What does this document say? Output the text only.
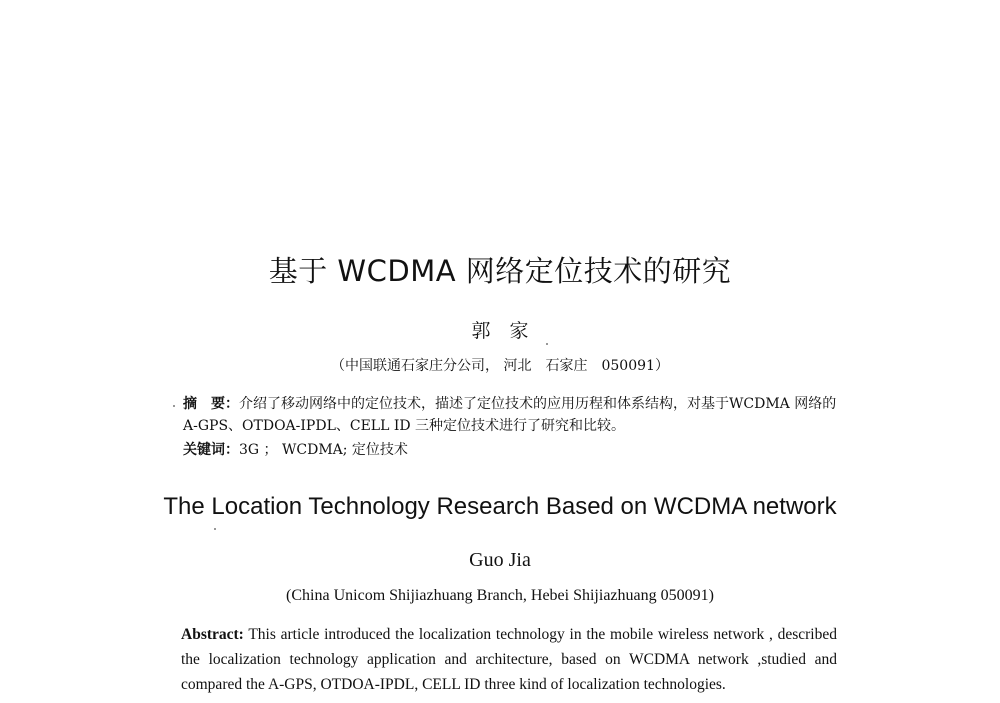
基于 WCDMA 网络定位技术的研究
郭　家
（中国联通石家庄分公司， 河北　石家庄　050091）
摘　要：介绍了移动网络中的定位技术，描述了定位技术的应用历程和体系结构，对基于WCDMA 网络的 A-GPS、OTDOA-IPDL、CELL ID 三种定位技术进行了研究和比较。
关键词：3G ； WCDMA; 定位技术
The Location Technology Research Based on WCDMA network
Guo Jia
(China Unicom Shijiazhuang Branch, Hebei Shijiazhuang 050091)
Abstract: This article introduced the localization technology in the mobile wireless network , described the localization technology application and architecture, based on WCDMA network ,studied and compared the A-GPS, OTDOA-IPDL, CELL ID three kind of localization technologies.
